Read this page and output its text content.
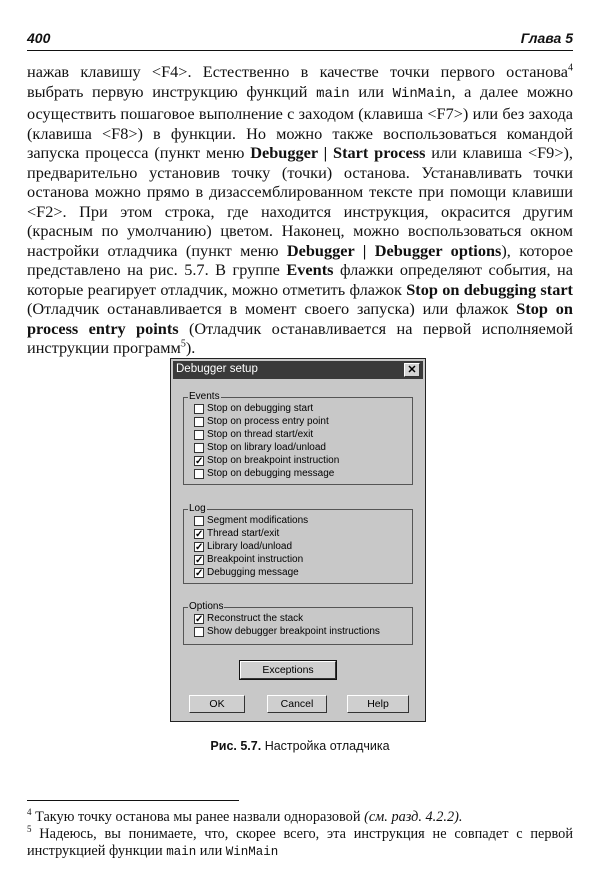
400	Глава 5

нажав клавишу <F4>. Естественно в качестве точки первого останова$^4$ выбрать первую инструкцию функций main или WinMain, а далее можно осуществить пошаговое выполнение с заходом (клавиша <F7>) или без захода (клавиша <F8>) в функции. Но можно также воспользоваться командой запуска процесса (пункт меню Debugger | Start process или клавиша <F9>), предварительно установив точку (точки) останова. Устанавливать точки останова можно прямо в дизассемблированном тексте при помощи клавиши <F2>. При этом строка, где находится инструкция, окрасится другим (красным по умолчанию) цветом. Наконец, можно воспользоваться окном настройки отладчика (пункт меню Debugger | Debugger options), которое представлено на рис. 5.7. В группе Events флажки определяют события, на которые реагирует отладчик, можно отметить флажок Stop on debugging start (Отладчик останавливается в момент своего запуска) или флажок Stop on process entry points (Отладчик останавливается на первой исполняемой инструкции программ$^5$).

Debugger setup	✕
Events
Stop on debugging start
Stop on process entry point
Stop on thread start/exit
Stop on library load/unload
✓ Stop on breakpoint instruction
Stop on debugging message
Log
Segment modifications
✓ Thread start/exit
✓ Library load/unload
✓ Breakpoint instruction
✓ Debugging message
Options
✓ Reconstruct the stack
Show debugger breakpoint instructions
Exceptions
OK	Cancel	Help
Рис. 5.7. Настройка отладчика
$^4$ Такую точку останова мы ранее назвали одноразовой (см. разд. 4.2.2).
$^5$ Надеюсь, вы понимаете, что, скорее всего, эта инструкция не совпадет с первой инструкцией функции main или WinMain
